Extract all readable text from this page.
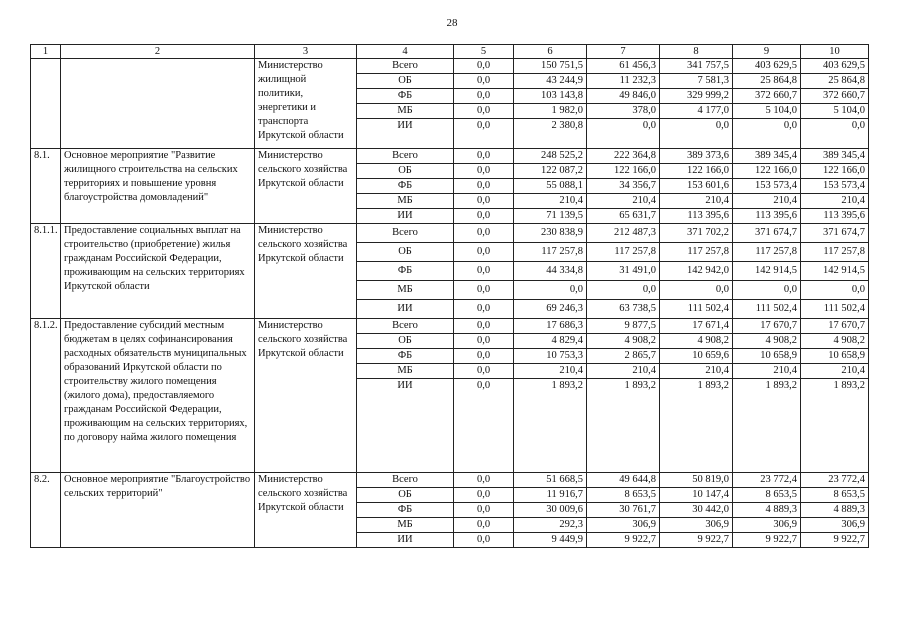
28
1	2	3	4	5	6	7	8	9	10
		Министерство жилищной политики, энергетики и транспорта Иркутской области	Всего	0,0	150 751,5	61 456,3	341 757,5	403 629,5	403 629,5
			ОБ	0,0	43 244,9	11 232,3	7 581,3	25 864,8	25 864,8
			ФБ	0,0	103 143,8	49 846,0	329 999,2	372 660,7	372 660,7
			МБ	0,0	1 982,0	378,0	4 177,0	5 104,0	5 104,0
			ИИ	0,0	2 380,8	0,0	0,0	0,0	0,0
8.1.	Основное мероприятие "Развитие жилищного строительства на сельских территориях и повышение уровня благоустройства домовладений"	Министерство сельского хозяйства Иркутской области	Всего	0,0	248 525,2	222 364,8	389 373,6	389 345,4	389 345,4
			ОБ	0,0	122 087,2	122 166,0	122 166,0	122 166,0	122 166,0
			ФБ	0,0	55 088,1	34 356,7	153 601,6	153 573,4	153 573,4
			МБ	0,0	210,4	210,4	210,4	210,4	210,4
			ИИ	0,0	71 139,5	65 631,7	113 395,6	113 395,6	113 395,6
8.1.1.	Предоставление социальных выплат на строительство (приобретение) жилья гражданам Российской Федерации, проживающим на сельских территориях Иркутской области	Министерство сельского хозяйства Иркутской области	Всего	0,0	230 838,9	212 487,3	371 702,2	371 674,7	371 674,7
			ОБ	0,0	117 257,8	117 257,8	117 257,8	117 257,8	117 257,8
			ФБ	0,0	44 334,8	31 491,0	142 942,0	142 914,5	142 914,5
			МБ	0,0	0,0	0,0	0,0	0,0	0,0
			ИИ	0,0	69 246,3	63 738,5	111 502,4	111 502,4	111 502,4
8.1.2.	Предоставление субсидий местным бюджетам в целях софинансирования расходных обязательств муниципальных образований Иркутской области по строительству жилого помещения (жилого дома), предоставляемого гражданам Российской Федерации, проживающим на сельских территориях, по договору найма жилого помещения	Министерство сельского хозяйства Иркутской области	Всего	0,0	17 686,3	9 877,5	17 671,4	17 670,7	17 670,7
			ОБ	0,0	4 829,4	4 908,2	4 908,2	4 908,2	4 908,2
			ФБ	0,0	10 753,3	2 865,7	10 659,6	10 658,9	10 658,9
			МБ	0,0	210,4	210,4	210,4	210,4	210,4
			ИИ	0,0	1 893,2	1 893,2	1 893,2	1 893,2	1 893,2
8.2.	Основное мероприятие "Благоустройство сельских территорий"	Министерство сельского хозяйства Иркутской области	Всего	0,0	51 668,5	49 644,8	50 819,0	23 772,4	23 772,4
			ОБ	0,0	11 916,7	8 653,5	10 147,4	8 653,5	8 653,5
			ФБ	0,0	30 009,6	30 761,7	30 442,0	4 889,3	4 889,3
			МБ	0,0	292,3	306,9	306,9	306,9	306,9
			ИИ	0,0	9 449,9	9 922,7	9 922,7	9 922,7	9 922,7
